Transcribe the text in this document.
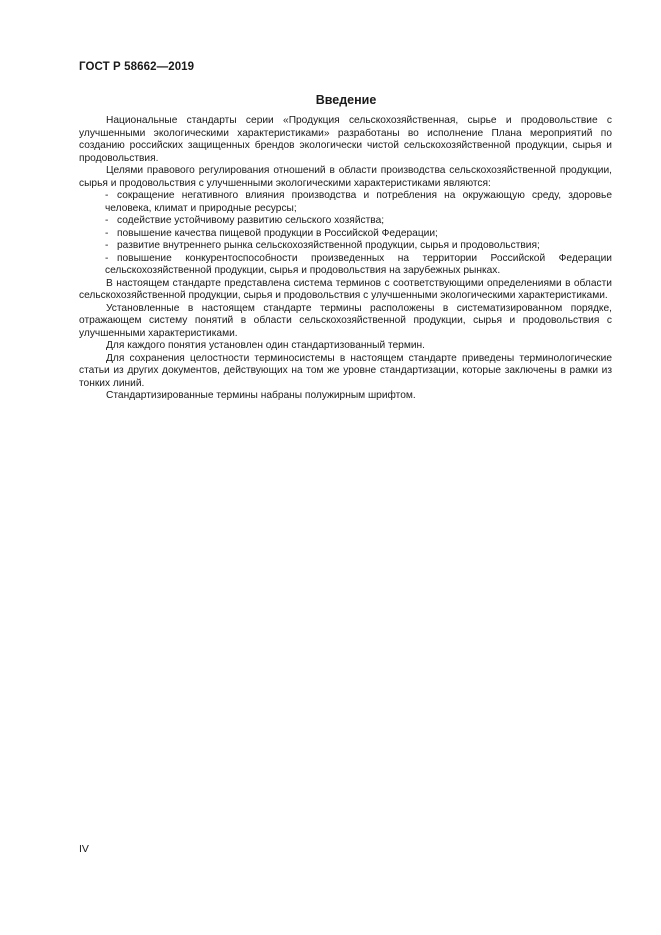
ГОСТ Р 58662—2019
Введение

Национальные стандарты серии «Продукция сельскохозяйственная, сырье и продовольствие с улучшенными экологическими характеристиками» разработаны во исполнение Плана мероприятий по созданию российских защищенных брендов экологически чистой сельскохозяйственной продукции, сырья и продовольствия.

Целями правового регулирования отношений в области производства сельскохозяйственной продукции, сырья и продовольствия с улучшенными экологическими характеристиками являются:

- сокращение негативного влияния производства и потребления на окружающую среду, здоровье человека, климат и природные ресурсы;

- содействие устойчивому развитию сельского хозяйства;

- повышение качества пищевой продукции в Российской Федерации;

- развитие внутреннего рынка сельскохозяйственной продукции, сырья и продовольствия;

- повышение конкурентоспособности произведенных на территории Российской Федерации сельскохозяйственной продукции, сырья и продовольствия на зарубежных рынках.

В настоящем стандарте представлена система терминов с соответствующими определениями в области сельскохозяйственной продукции, сырья и продовольствия с улучшенными экологическими характеристиками.

Установленные в настоящем стандарте термины расположены в систематизированном порядке, отражающем систему понятий в области сельскохозяйственной продукции, сырья и продовольствия с улучшенными характеристиками.

Для каждого понятия установлен один стандартизованный термин.

Для сохранения целостности терминосистемы в настоящем стандарте приведены терминологические статьи из других документов, действующих на том же уровне стандартизации, которые заключены в рамки из тонких линий.

Стандартизированные термины набраны полужирным шрифтом.

IV
